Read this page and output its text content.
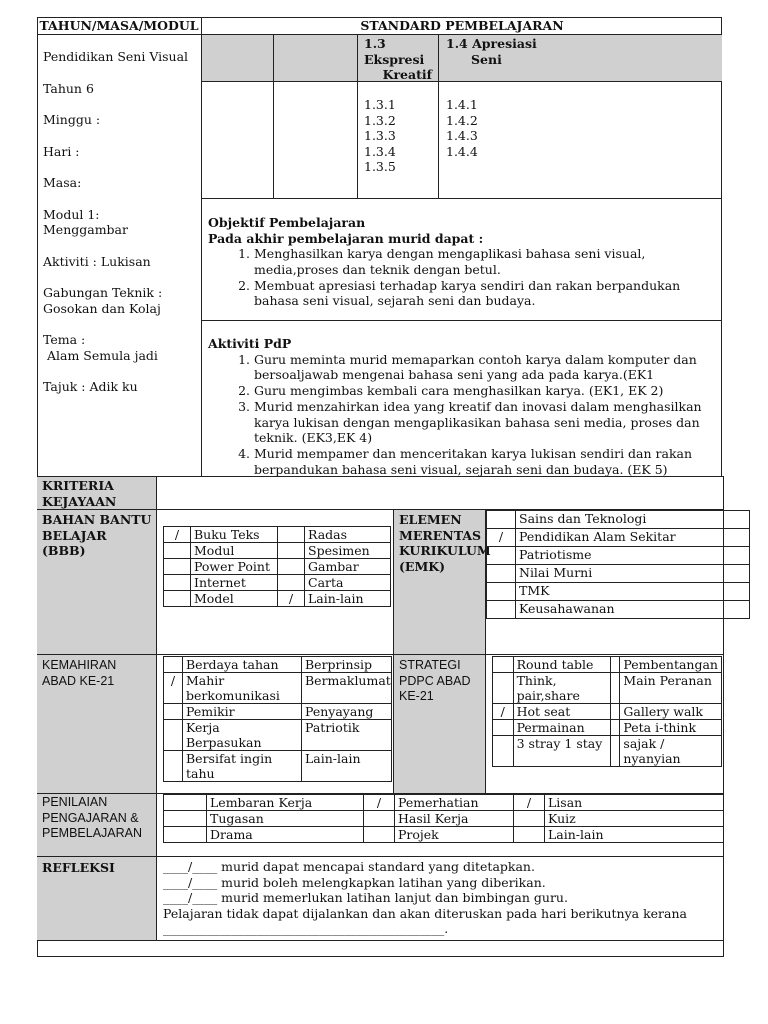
TAHUN/MASA/MODUL	STANDARD PEMBELAJARAN
Pendidikan Seni Visual
Tahun 6
Minggu :
Hari :
Masa:
Modul 1:
Menggambar
Aktiviti : Lukisan
Gabungan Teknik :
Gosokan dan Kolaj
Tema :
Alam Semula jadi
Tajuk : Adik ku
1.3
Ekspresi
Kreatif
1.4 Apresiasi
Seni
1.3.1
1.3.2
1.3.3
1.3.4
1.3.5
1.4.1
1.4.2
1.4.3
1.4.4
Objektif Pembelajaran
Pada akhir pembelajaran murid dapat :
1. Menghasilkan karya dengan mengaplikasi bahasa seni visual, media,proses dan teknik dengan betul.
2. Membuat apresiasi terhadap karya sendiri dan rakan berpandukan bahasa seni visual, sejarah seni dan budaya.
Aktiviti PdP
1. Guru meminta murid memaparkan contoh karya dalam komputer dan bersoaljawab mengenai bahasa seni yang ada pada karya.(EK1
2. Guru mengimbas kembali cara menghasilkan karya. (EK1, EK 2)
3. Murid menzahirkan idea yang kreatif dan inovasi dalam menghasilkan karya lukisan dengan mengaplikasikan bahasa seni media, proses dan teknik. (EK3,EK 4)
4. Murid mempamer dan menceritakan karya lukisan sendiri dan rakan berpandukan bahasa seni visual, sejarah seni dan budaya. (EK 5)
KRITERIA
KEJAYAAN
BAHAN BANTU
BELAJAR
(BBB)
/	Buku Teks		Radas
	Modul		Spesimen
	Power Point		Gambar
	Internet		Carta
	Model	/	Lain-lain
ELEMEN
MERENTAS
KURIKULUM
(EMK)
	Sains dan Teknologi
/	Pendidikan Alam Sekitar
	Patriotisme
	Nilai Murni
	TMK
	Keusahawanan
KEMAHIRAN
ABAD KE-21
	Berdaya tahan	Berprinsip
/	Mahir berkomunikasi	Bermaklumat
	Pemikir	Penyayang
	Kerja Berpasukan	Patriotik
	Bersifat ingin tahu	Lain-lain
STRATEGI
PDPC ABAD
KE-21
	Round table		Pembentangan
	Think, pair,share		Main Peranan
/	Hot seat		Gallery walk
	Permainan		Peta i-think
	3 stray 1 stay		sajak / nyanyian
PENILAIAN
PENGAJARAN &
PEMBELAJARAN
	Lembaran Kerja	/	Pemerhatian	/	Lisan
	Tugasan		Hasil Kerja		Kuiz
	Drama		Projek		Lain-lain
REFLEKSI	____/____ murid dapat mencapai standard yang ditetapkan.
____/____ murid boleh melengkapkan latihan yang diberikan.
____/____ murid memerlukan latihan lanjut dan bimbingan guru.
Pelajaran tidak dapat dijalankan dan akan diteruskan pada hari berikutnya kerana
_____________________________________________.
